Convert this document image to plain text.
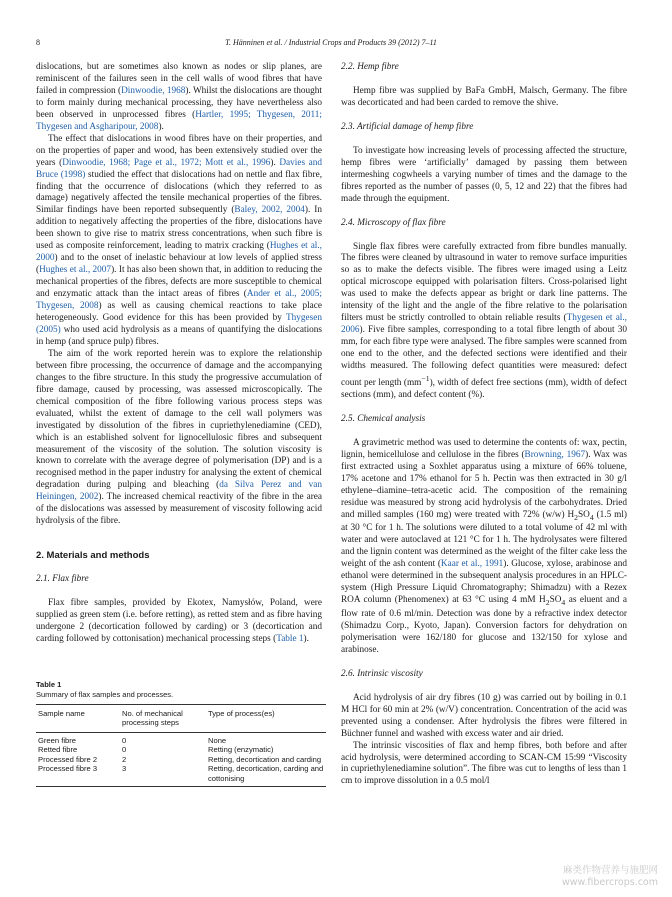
8	T. Hänninen et al. / Industrial Crops and Products 39 (2012) 7–11

dislocations, but are sometimes also known as nodes or slip planes, are reminiscent of the failures seen in the cell walls of wood fibres that have failed in compression (Dinwoodie, 1968). Whilst the dislocations are thought to form mainly during mechanical processing, they have nevertheless also been observed in unprocessed fibres (Hartler, 1995; Thygesen, 2011; Thygesen and Asgharipour, 2008).

The effect that dislocations in wood fibres have on their properties, and on the properties of paper and wood, has been extensively studied over the years (Dinwoodie, 1968; Page et al., 1972; Mott et al., 1996). Davies and Bruce (1998) studied the effect that dislocations had on nettle and flax fibre, finding that the occurrence of dislocations (which they referred to as damage) negatively affected the tensile mechanical properties of the fibres. Similar findings have been reported subsequently (Baley, 2002, 2004). In addition to negatively affecting the properties of the fibre, dislocations have been shown to give rise to matrix stress concentrations, when such fibre is used as composite reinforcement, leading to matrix cracking (Hughes et al., 2000) and to the onset of inelastic behaviour at low levels of applied stress (Hughes et al., 2007). It has also been shown that, in addition to reducing the mechanical properties of the fibres, defects are more susceptible to chemical and enzymatic attack than the intact areas of fibres (Ander et al., 2005; Thygesen, 2008) as well as causing chemical reactions to take place heterogeneously. Good evidence for this has been provided by Thygesen (2005) who used acid hydrolysis as a means of quantifying the dislocations in hemp (and spruce pulp) fibres.

The aim of the work reported herein was to explore the relationship between fibre processing, the occurrence of damage and the accompanying changes to the fibre structure. In this study the progressive accumulation of fibre damage, caused by processing, was assessed microscopically. The chemical composition of the fibre following various process steps was evaluated, whilst the extent of damage to the cell wall polymers was investigated by dissolution of the fibres in cupriethylenediamine (CED), which is an established solvent for lignocellulosic fibres and subsequent measurement of the viscosity of the solution. The solution viscosity is known to correlate with the average degree of polymerisation (DP) and is a recognised method in the paper industry for analysing the extent of chemical degradation during pulping and bleaching (da Silva Perez and van Heiningen, 2002). The increased chemical reactivity of the fibre in the area of the dislocations was assessed by measurement of viscosity following acid hydrolysis of the fibre.

2. Materials and methods
2.1. Flax fibre

Flax fibre samples, provided by Ekotex, Namysłów, Poland, were supplied as green stem (i.e. before retting), as retted stem and as fibre having undergone 2 (decortication followed by carding) or 3 (decortication and carding followed by cottonisation) mechanical processing steps (Table 1).

Table 1
Summary of flax samples and processes.
Sample name	No. of mechanical processing steps	Type of process(es)
Green fibre	0	None
Retted fibre	0	Retting (enzymatic)
Processed fibre 2	2	Retting, decortication and carding
Processed fibre 3	3	Retting, decortication, carding and cottonising
2.2. Hemp fibre

Hemp fibre was supplied by BaFa GmbH, Malsch, Germany. The fibre was decorticated and had been carded to remove the shive.

2.3. Artificial damage of hemp fibre

To investigate how increasing levels of processing affected the structure, hemp fibres were ‘artificially’ damaged by passing them between intermeshing cogwheels a varying number of times and the damage to the fibres reported as the number of passes (0, 5, 12 and 22) that the fibres had made through the equipment.

2.4. Microscopy of flax fibre

Single flax fibres were carefully extracted from fibre bundles manually. The fibres were cleaned by ultrasound in water to remove surface impurities so as to make the defects visible. The fibres were imaged using a Leitz optical microscope equipped with polarisation filters. Cross-polarised light was used to make the defects appear as bright or dark line patterns. The intensity of the light and the angle of the fibre relative to the polarisation filters must be strictly controlled to obtain reliable results (Thygesen et al., 2006). Five fibre samples, corresponding to a total fibre length of about 30 mm, for each fibre type were analysed. The fibre samples were scanned from one end to the other, and the defected sections were identified and their widths measured. The following defect quantities were measured: defect count per length $(mm^{-1})$, width of defect free sections (mm), width of defect sections (mm), and defect content (%).

2.5. Chemical analysis

A gravimetric method was used to determine the contents of: wax, pectin, lignin, hemicellulose and cellulose in the fibres (Browning, 1967). Wax was first extracted using a Soxhlet apparatus using a mixture of 66% toluene, 17% acetone and 17% ethanol for 5 h. Pectin was then extracted in 30 g/l ethylene–diamine–tetra-acetic acid. The composition of the remaining residue was measured by strong acid hydrolysis of the carbohydrates. Dried and milled samples (160 mg) were treated with 72% (w/w) $H_2SO_4$ (1.5 ml) at 30 °C for 1 h. The solutions were diluted to a total volume of 42 ml with water and were autoclaved at 121 °C for 1 h. The hydrolysates were filtered and the lignin content was determined as the weight of the filter cake less the weight of the ash content (Kaar et al., 1991). Glucose, xylose, arabinose and ethanol were determined in the subsequent analysis procedures in an HPLC-system (High Pressure Liquid Chromatography; Shimadzu) with a Rezex ROA column (Phenomenex) at 63 °C using 4 mM $H_2SO_4$ as eluent and a flow rate of 0.6 ml/min. Detection was done by a refractive index detector (Shimadzu Corp., Kyoto, Japan). Conversion factors for dehydration on polymerisation were 162/180 for glucose and 132/150 for xylose and arabinose.

2.6. Intrinsic viscosity

Acid hydrolysis of air dry fibres (10 g) was carried out by boiling in 0.1 M HCl for 60 min at 2% (w/V) concentration. Concentration of the acid was prevented using a condenser. After hydrolysis the fibres were filtered in Büchner funnel and washed with excess water and air dried.

The intrinsic viscosities of flax and hemp fibres, both before and after acid hydrolysis, were determined according to SCAN-CM 15:99 “Viscosity in cupriethylenediamine solution”. The fibre was cut to lengths of less than 1 cm to improve dissolution in a 0.5 mol/l

麻类作物营养与施肥网
www.fibercrops.com
